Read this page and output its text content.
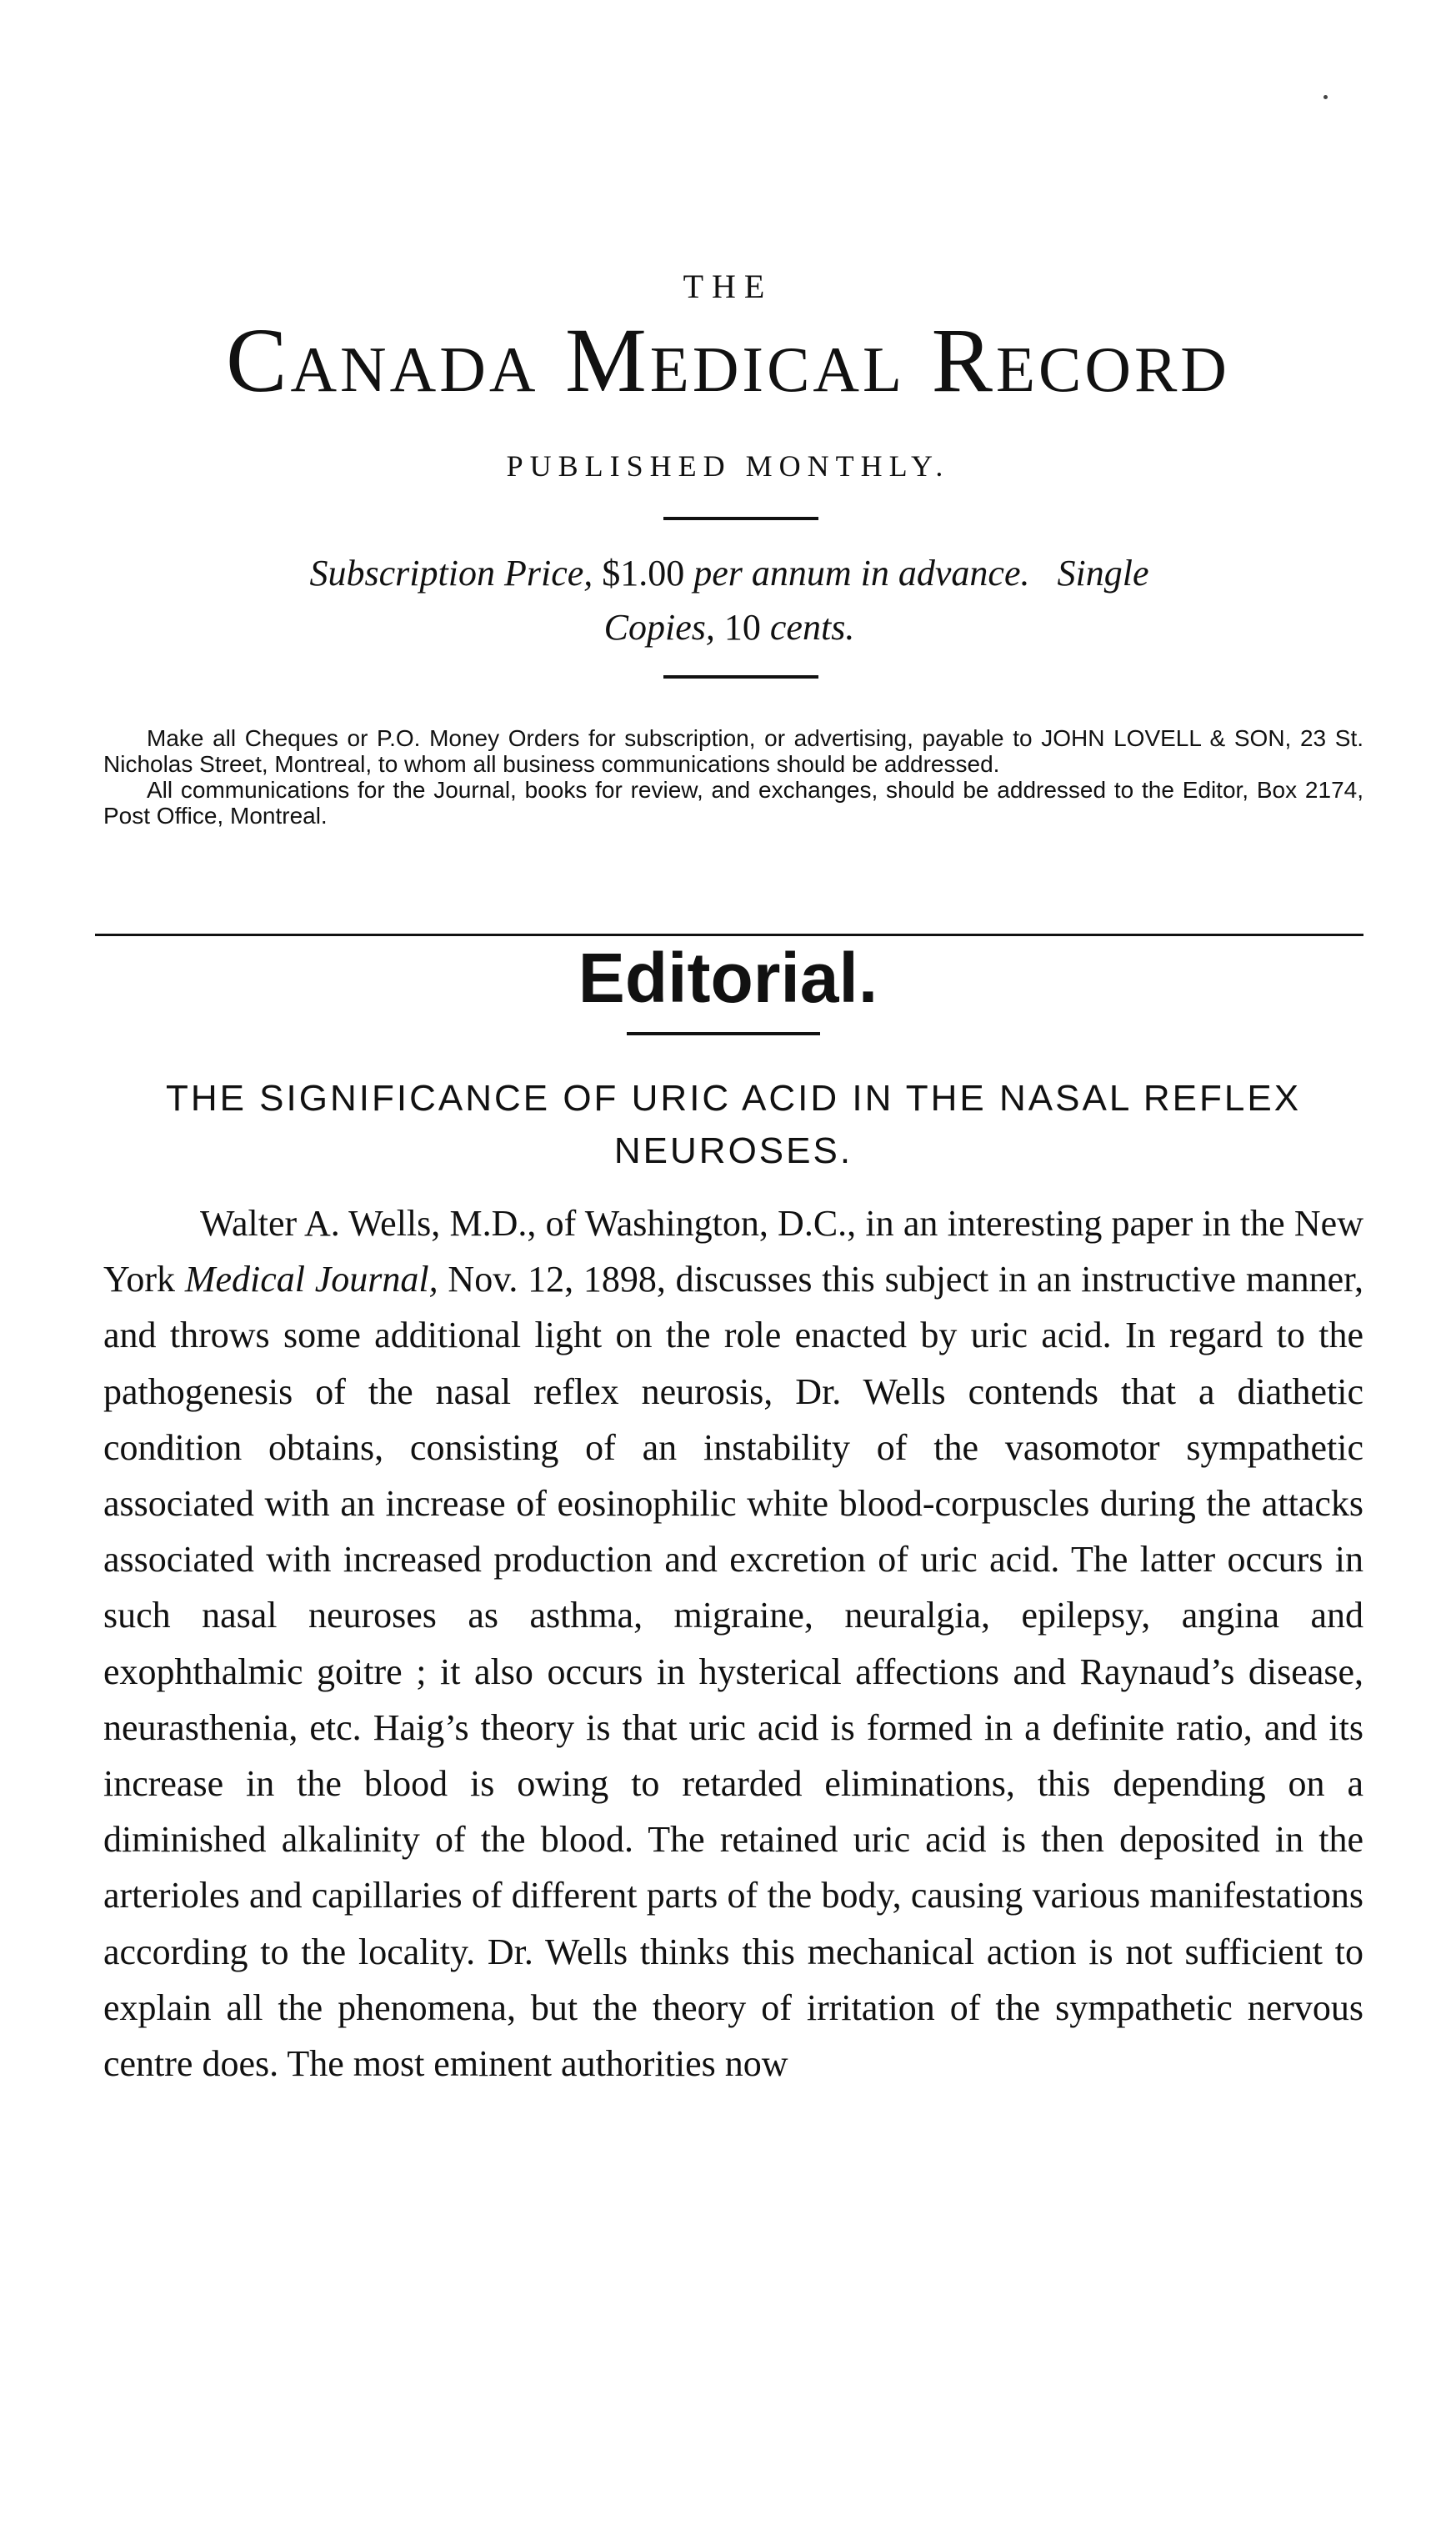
THE
Canada Medical Record
PUBLISHED MONTHLY.
Subscription Price, $1.00 per annum in advance. Single
Copies, 10 cents.

Make all Cheques or P.O. Money Orders for subscription, or advertising, payable to JOHN LOVELL & SON, 23 St. Nicholas Street, Montreal, to whom all business communications should be addressed.

All communications for the Journal, books for review, and exchanges, should be addressed to the Editor, Box 2174, Post Office, Montreal.

Editorial.
THE SIGNIFICANCE OF URIC ACID IN THE NASAL REFLEX NEUROSES.

Walter A. Wells, M.D., of Washington, D.C., in an interesting paper in the New York Medical Journal, Nov. 12, 1898, discusses this subject in an instructive manner, and throws some additional light on the role enacted by uric acid. In regard to the pathogenesis of the nasal reflex neurosis, Dr. Wells contends that a diathetic condition obtains, consisting of an instability of the vasomotor sympathetic associated with an increase of eosinophilic white blood-corpuscles during the attacks associated with increased production and excretion of uric acid. The latter occurs in such nasal neuroses as asthma, migraine, neuralgia, epilepsy, angina and exophthalmic goitre ; it also occurs in hysterical affections and Raynaud’s disease, neurasthenia, etc. Haig’s theory is that uric acid is formed in a definite ratio, and its increase in the blood is owing to retarded eliminations, this depending on a diminished alkalinity of the blood. The retained uric acid is then deposited in the arterioles and capillaries of different parts of the body, causing various manifestations according to the locality. Dr. Wells thinks this mechanical action is not sufficient to explain all the phenomena, but the theory of irritation of the sympathetic nervous centre does. The most eminent authorities now
